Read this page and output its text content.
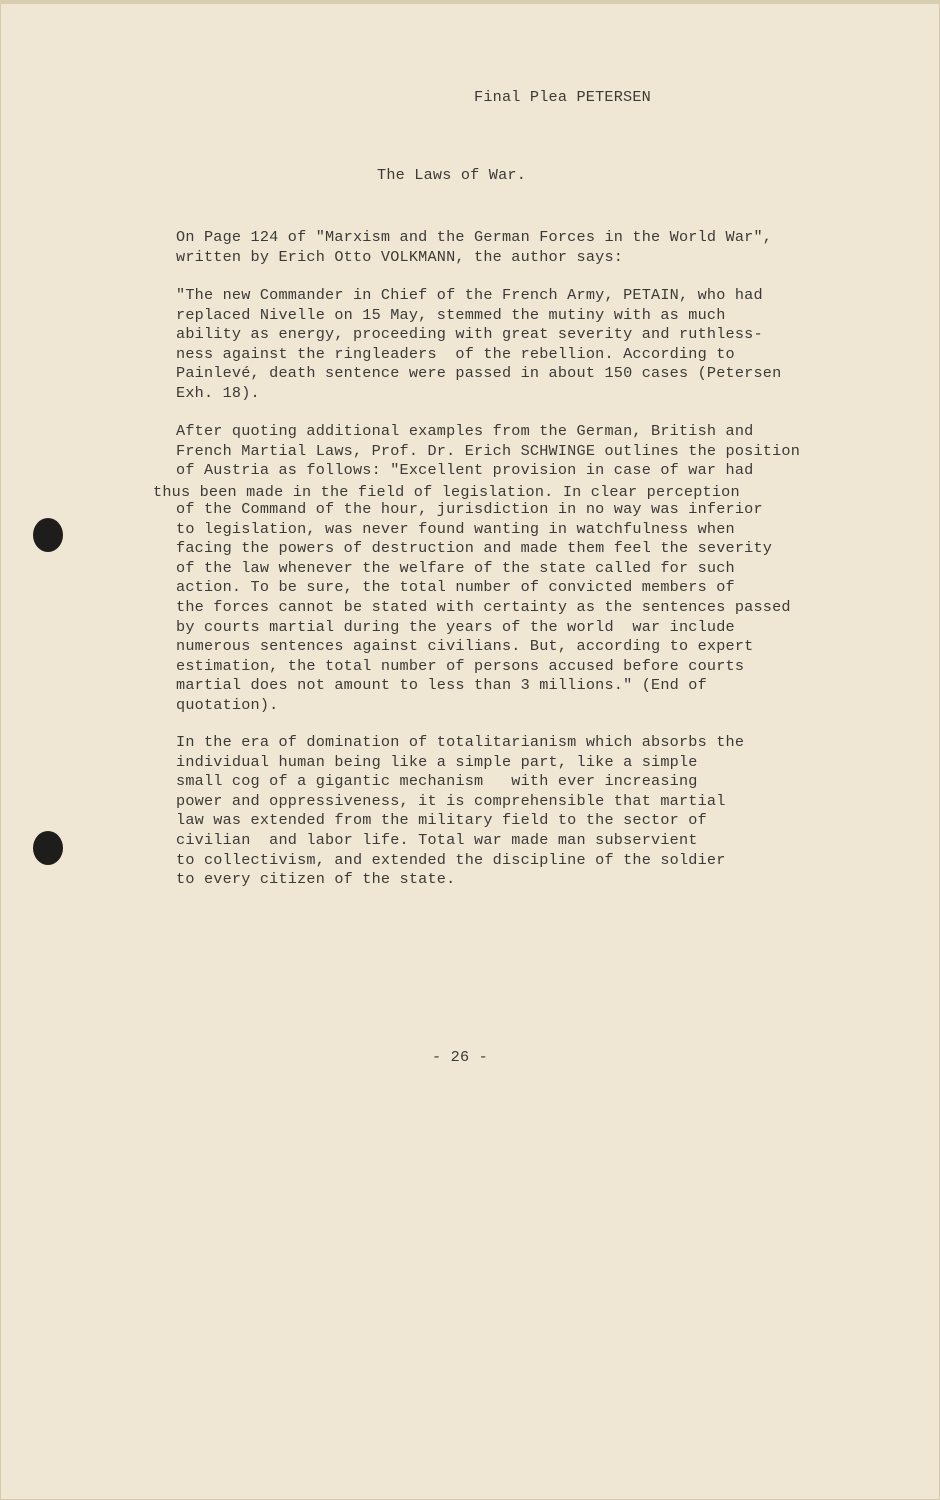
Final Plea PETERSEN
The Laws of War.
On Page 124 of "Marxism and the German Forces in the World War",
written by Erich Otto VOLKMANN, the author says:
"The new Commander in Chief of the French Army, PETAIN, who had
replaced Nivelle on 15 May, stemmed the mutiny with as much
ability as energy, proceeding with great severity and ruthless-
ness against the ringleaders  of the rebellion. According to
Painlevé, death sentence were passed in about 150 cases (Petersen
Exh. 18).
After quoting additional examples from the German, British and
French Martial Laws, Prof. Dr. Erich SCHWINGE outlines the position
of Austria as follows: "Excellent provision in case of war had
thus been made in the field of legislation. In clear perception
of the Command of the hour, jurisdiction in no way was inferior
to legislation, was never found wanting in watchfulness when
facing the powers of destruction and made them feel the severity
of the law whenever the welfare of the state called for such
action. To be sure, the total number of convicted members of
the forces cannot be stated with certainty as the sentences passed
by courts martial during the years of the world  war include
numerous sentences against civilians. But, according to expert
estimation, the total number of persons accused before courts
martial does not amount to less than 3 millions." (End of
quotation).
In the era of domination of totalitarianism which absorbs the
individual human being like a simple part, like a simple
small cog of a gigantic mechanism   with ever increasing
power and oppressiveness, it is comprehensible that martial
law was extended from the military field to the sector of
civilian  and labor life. Total war made man subservient
to collectivism, and extended the discipline of the soldier
to every citizen of the state.
- 26 -
